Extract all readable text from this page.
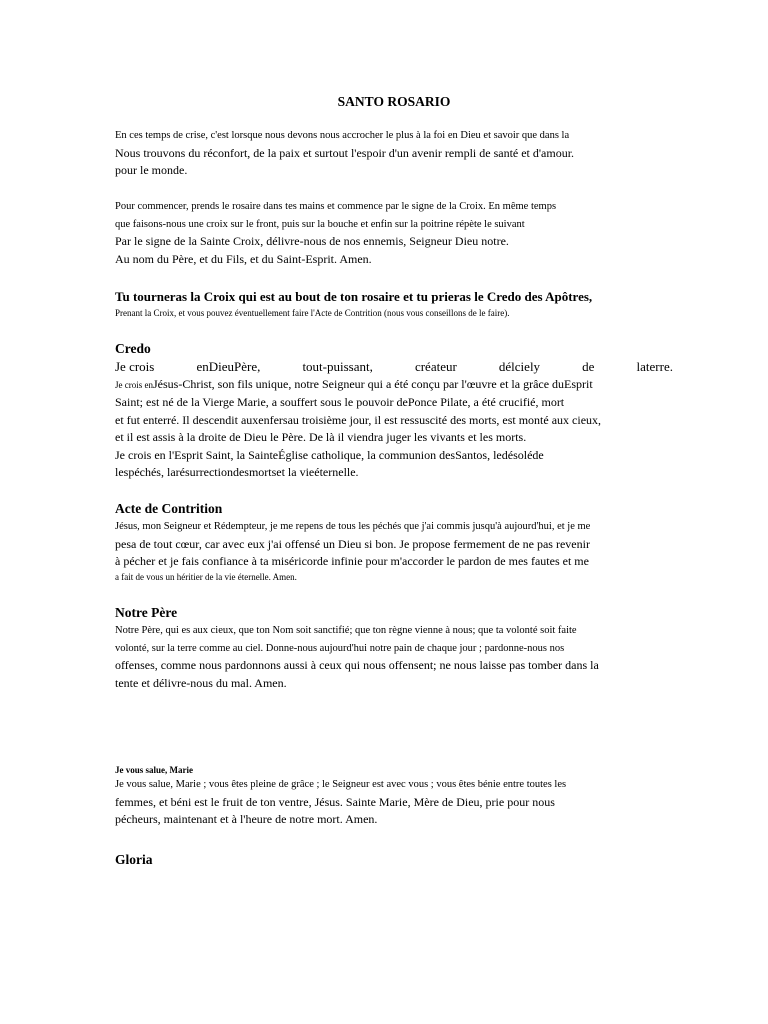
SANTO ROSARIO
En ces temps de crise, c'est lorsque nous devons nous accrocher le plus à la foi en Dieu et savoir que dans la
Nous trouvons du réconfort, de la paix et surtout l'espoir d'un avenir rempli de santé et d'amour.
pour le monde.
Pour commencer, prends le rosaire dans tes mains et commence par le signe de la Croix. En même temps
que faisons-nous une croix sur le front, puis sur la bouche et enfin sur la poitrine répète le suivant
Par le signe de la Sainte Croix, délivre-nous de nos ennemis, Seigneur Dieu notre.
Au nom du Père, et du Fils, et du Saint-Esprit. Amen.
Tu tourneras la Croix qui est au bout de ton rosaire et tu prieras le Credo des Apôtres,
Prenant la Croix, et vous pouvez éventuellement faire l'Acte de Contrition (nous vous conseillons de le faire).
Credo
Je crois	enDieuPère,	tout-puissant,	créateur	délciely	de	laterre.
Je crois enJésus-Christ, son fils unique, notre Seigneur qui a été conçu par l'œuvre et la grâce duEsprit
Saint; est né de la Vierge Marie, a souffert sous le pouvoir dePonce Pilate, a été crucifié, mort
et fut enterré. Il descendit auxenfersau troisième jour, il est ressuscité des morts, est monté aux cieux,
et il est assis à la droite de Dieu le Père. De là il viendra juger les vivants et les morts.
Je crois en l'Esprit Saint, la SainteÉglise catholique, la communion desSantos, ledésoléde
lespéchés, larésurrectiondesmortset la vieéternelle.
Acte de Contrition
Jésus, mon Seigneur et Rédempteur, je me repens de tous les péchés que j'ai commis jusqu'à aujourd'hui, et je me
pesa de tout cœur, car avec eux j'ai offensé un Dieu si bon. Je propose fermement de ne pas revenir
à pécher et je fais confiance à ta miséricorde infinie pour m'accorder le pardon de mes fautes et me
a fait de vous un héritier de la vie éternelle. Amen.
Notre Père
Notre Père, qui es aux cieux, que ton Nom soit sanctifié; que ton règne vienne à nous; que ta volonté soit faite
volonté, sur la terre comme au ciel. Donne-nous aujourd'hui notre pain de chaque jour ; pardonne-nous nos
offenses, comme nous pardonnons aussi à ceux qui nous offensent; ne nous laisse pas tomber dans la
tente et délivre-nous du mal. Amen.
Je vous salue, Marie
Je vous salue, Marie ; vous êtes pleine de grâce ; le Seigneur est avec vous ; vous êtes bénie entre toutes les
femmes, et béni est le fruit de ton ventre, Jésus. Sainte Marie, Mère de Dieu, prie pour nous
pécheurs, maintenant et à l'heure de notre mort. Amen.
Gloria
